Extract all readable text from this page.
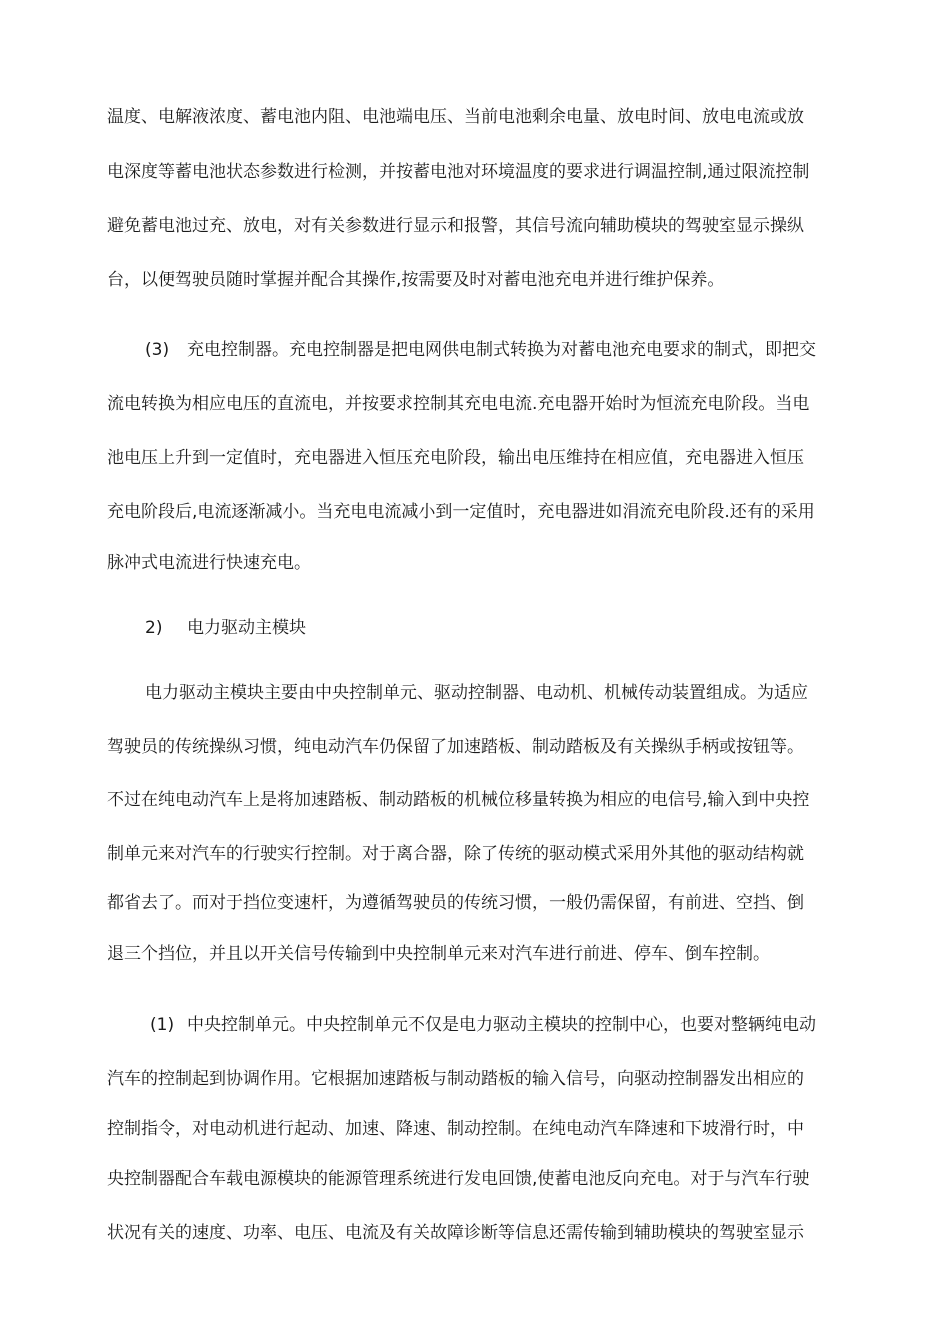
温度、电解液浓度、蓄电池内阻、电池端电压、当前电池剩余电量、放电时间、放电电流或放
电深度等蓄电池状态参数进行检测，并按蓄电池对环境温度的要求进行调温控制,通过限流控制
避免蓄电池过充、放电，对有关参数进行显示和报警，其信号流向辅助模块的驾驶室显示操纵
台，以便驾驶员随时掌握并配合其操作,按需要及时对蓄电池充电并进行维护保养。
(3) 充电控制器。充电控制器是把电网供电制式转换为对蓄电池充电要求的制式，即把交
流电转换为相应电压的直流电，并按要求控制其充电电流.充电器开始时为恒流充电阶段。当电
池电压上升到一定值时，充电器进入恒压充电阶段，输出电压维持在相应值，充电器进入恒压
充电阶段后,电流逐渐减小。当充电电流减小到一定值时，充电器进如涓流充电阶段.还有的采用
脉冲式电流进行快速充电。
2) 电力驱动主模块
电力驱动主模块主要由中央控制单元、驱动控制器、电动机、机械传动装置组成。为适应
驾驶员的传统操纵习惯，纯电动汽车仍保留了加速踏板、制动踏板及有关操纵手柄或按钮等。
不过在纯电动汽车上是将加速踏板、制动踏板的机械位移量转换为相应的电信号,输入到中央控
制单元来对汽车的行驶实行控制。对于离合器，除了传统的驱动模式采用外其他的驱动结构就
都省去了。而对于挡位变速杆，为遵循驾驶员的传统习惯，一般仍需保留，有前进、空挡、倒
退三个挡位，并且以开关信号传输到中央控制单元来对汽车进行前进、停车、倒车控制。
(1) 中央控制单元。中央控制单元不仅是电力驱动主模块的控制中心，也要对整辆纯电动
汽车的控制起到协调作用。它根据加速踏板与制动踏板的输入信号，向驱动控制器发出相应的
控制指令，对电动机进行起动、加速、降速、制动控制。在纯电动汽车降速和下坡滑行时，中
央控制器配合车载电源模块的能源管理系统进行发电回馈,使蓄电池反向充电。对于与汽车行驶
状况有关的速度、功率、电压、电流及有关故障诊断等信息还需传输到辅助模块的驾驶室显示
